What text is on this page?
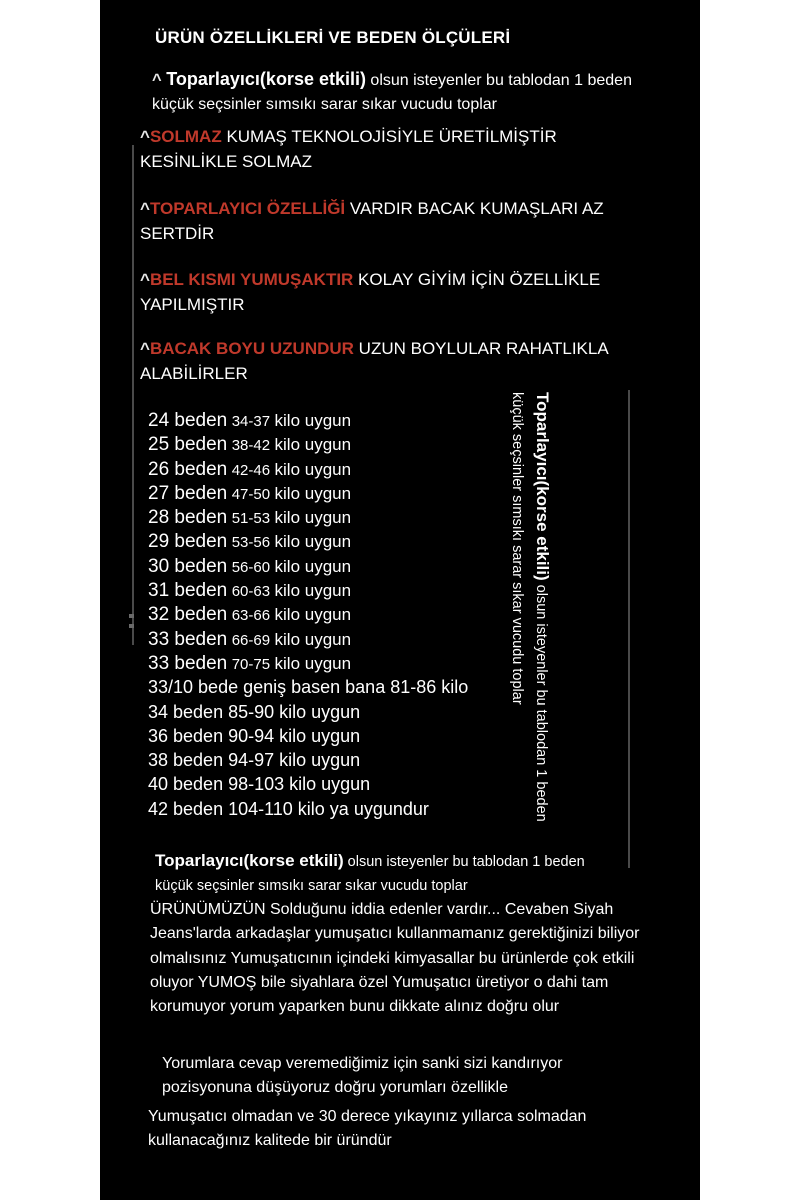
ÜRÜN ÖZELLİKLERİ VE BEDEN ÖLÇÜLERİ
^ Toparlayıcı(korse etkili) olsun isteyenler bu tablodan 1 beden küçük seçsinler sımsıkı sarar sıkar vucudu toplar
^SOLMAZ KUMAŞ TEKNOLOJİSİYLE ÜRETİLMİŞTİR KESİNLİKLE SOLMAZ
^TOPARLAYICI ÖZELLİĞİ VARDIR BACAK KUMAŞLARI AZ SERTDİR
^BEL KISMI YUMUŞAKTIR KOLAY GİYİM İÇİN ÖZELLİKLE YAPILMIŞTIR
^BACAK BOYU UZUNDUR UZUN BOYLULAR RAHATLIKLA ALABİLİRLER
24 beden 34-37 kilo uygun
25 beden 38-42 kilo uygun
26 beden 42-46 kilo uygun
27 beden 47-50 kilo uygun
28 beden 51-53 kilo uygun
29 beden 53-56 kilo uygun
30 beden 56-60 kilo uygun
31 beden 60-63 kilo uygun
32 beden 63-66 kilo uygun
33 beden 66-69 kilo uygun
33 beden 70-75 kilo uygun
33/10 bede geniş basen bana 81-86 kilo
34 beden 85-90 kilo uygun
36 beden 90-94 kilo uygun
38 beden 94-97 kilo uygun
40 beden 98-103 kilo uygun
42 beden 104-110 kilo ya uygundur
Toparlayıcı(korse etkili) olsun isteyenler bu tablodan 1 beden küçük seçsinler sımsıkı sarar sıkar vucudu toplar
Toparlayıcı(korse etkili) olsun isteyenler bu tablodan 1 beden küçük seçsinler sımsıkı sarar sıkar vucudu toplar
ÜRÜNÜMÜZÜN Solduğunu iddia edenler vardır... Cevaben Siyah Jeans'larda arkadaşlar yumuşatıcı kullanmamanız gerektiğinizi biliyor olmalısınız Yumuşatıcının içindeki kimyasallar bu ürünlerde çok etkili oluyor YUMOŞ bile siyahlara özel Yumuşatıcı üretiyor o dahi tam korumuyor yorum yaparken bunu dikkate alınız doğru olur
Yorumlara cevap veremediğimiz için sanki sizi kandırıyor pozisyonuna düşüyoruz doğru yorumları özellikle
Yumuşatıcı olmadan ve 30 derece yıkayınız yıllarca solmadan kullanacağınız kalitede bir üründür
